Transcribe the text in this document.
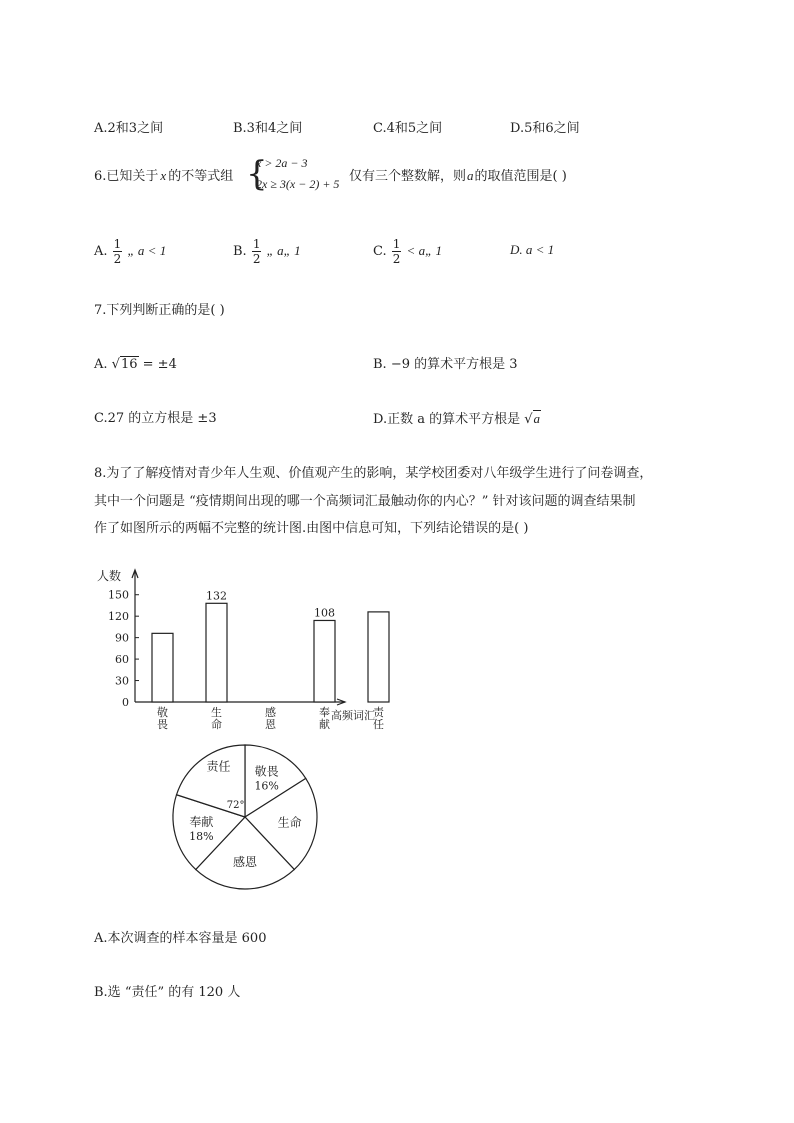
A.2和3之间	B.3和4之间	C.4和5之间	D.5和6之间
6.已知关于 x 的不等式组 {
x > 2a − 3
2x ≥ 3(x − 2) + 5 仅有三个整数解，则a的取值范围是( )
A. $\frac{1}{2}$ „ a < 1	B. $\frac{1}{2}$ „ a„ 1	C. $\frac{1}{2}$ < a„ 1	D. a < 1
7.下列判断正确的是( )
A. √16 = ±4	B. −9 的算术平方根是 3
C.27 的立方根是 ±3	D.正数 a 的算术平方根是 √a
8.为了了解疫情对青少年人生观、价值观产生的影响，某学校团委对八年级学生进行了问卷调查，
其中一个问题是 “疫情期间出现的哪一个高频词汇最触动你的内心？” 针对该问题的调查结果制
作了如图所示的两幅不完整的统计图.由图中信息可知，下列结论错误的是( )
人数
高频词汇
0
30
60
90
120
150
敬
畏
132
生
命
感
恩
108
奉
献
责
任
敬畏
16%
生命
感恩
奉献
18%
责任
72°
A.本次调查的样本容量是 600
B.选 “责任” 的有 120 人
